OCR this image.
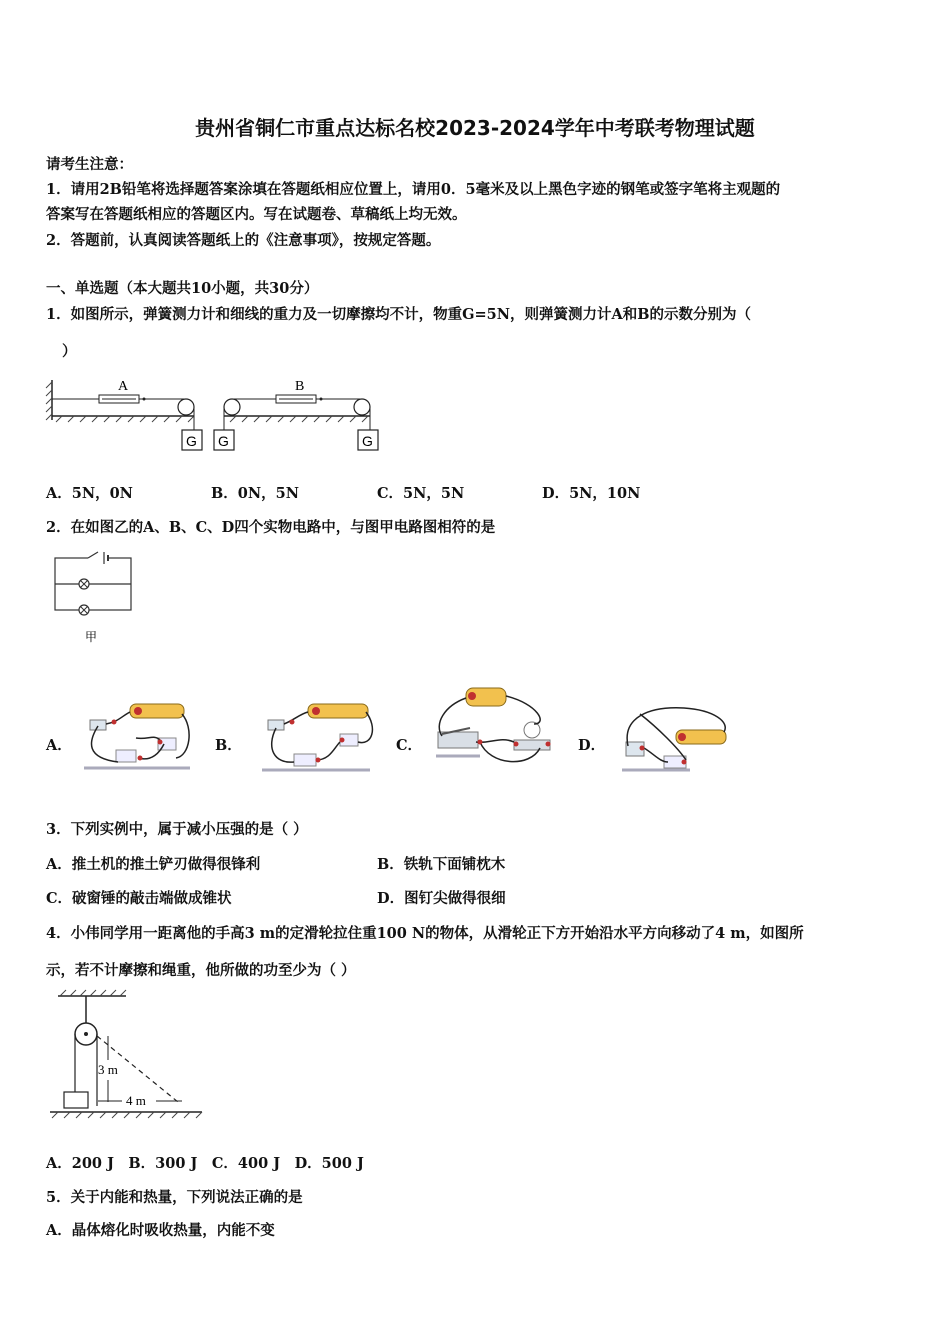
贵州省铜仁市重点达标名校2023-2024学年中考联考物理试题
请考生注意：
1．请用2B铅笔将选择题答案涂填在答题纸相应位置上，请用0．5毫米及以上黑色字迹的钢笔或签字笔将主观题的
答案写在答题纸相应的答题区内。写在试题卷、草稿纸上均无效。
2．答题前，认真阅读答题纸上的《注意事项》，按规定答题。
一、单选题（本大题共10小题，共30分）
1．如图所示，弹簧测力计和细线的重力及一切摩擦均不计，物重G=5N，则弹簧测力计A和B的示数分别为（
）
A
G
B
G	G
A．5N，0N	B．0N，5N	C．5N，5N	D．5N，10N
2．在如图乙的A、B、C、D四个实物电路中，与图甲电路图相符的是
甲
A．	B．	C．	D．
3．下列实例中，属于减小压强的是（ ）
A．推土机的推土铲刃做得很锋利	B．铁轨下面铺枕木
C．破窗锤的敲击端做成锥状	D．图钉尖做得很细
4．小伟同学用一距离他的手高3 m的定滑轮拉住重100 N的物体，从滑轮正下方开始沿水平方向移动了4 m，如图所
示，若不计摩擦和绳重，他所做的功至少为（ ）
3 m
4 m
A．200 J　B．300 J　C．400 J　D．500 J
5．关于内能和热量，下列说法正确的是
A．晶体熔化时吸收热量，内能不变
